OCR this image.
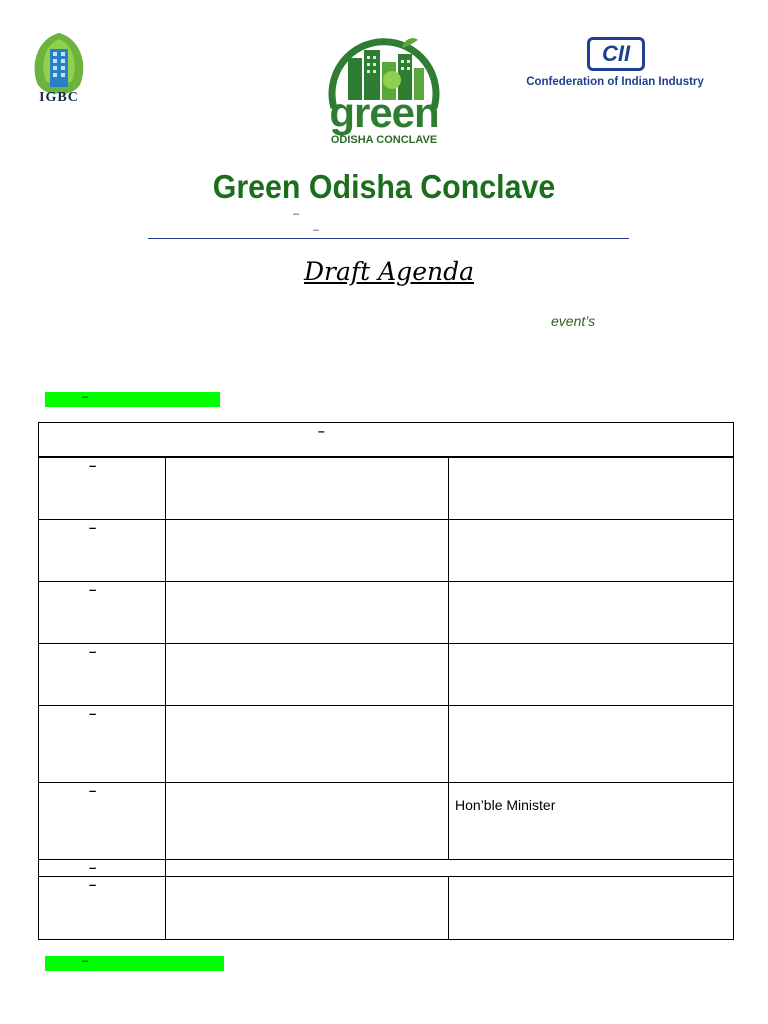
IGBC	green
ODISHA CONCLAVE
CII
Confederation of Indian Industry
Green Odisha Conclave
–
–
Draft Agenda
event’s
–
–
–
–		

–		

–		

–		

–		

–		Hon’ble Minister

–		

–		
